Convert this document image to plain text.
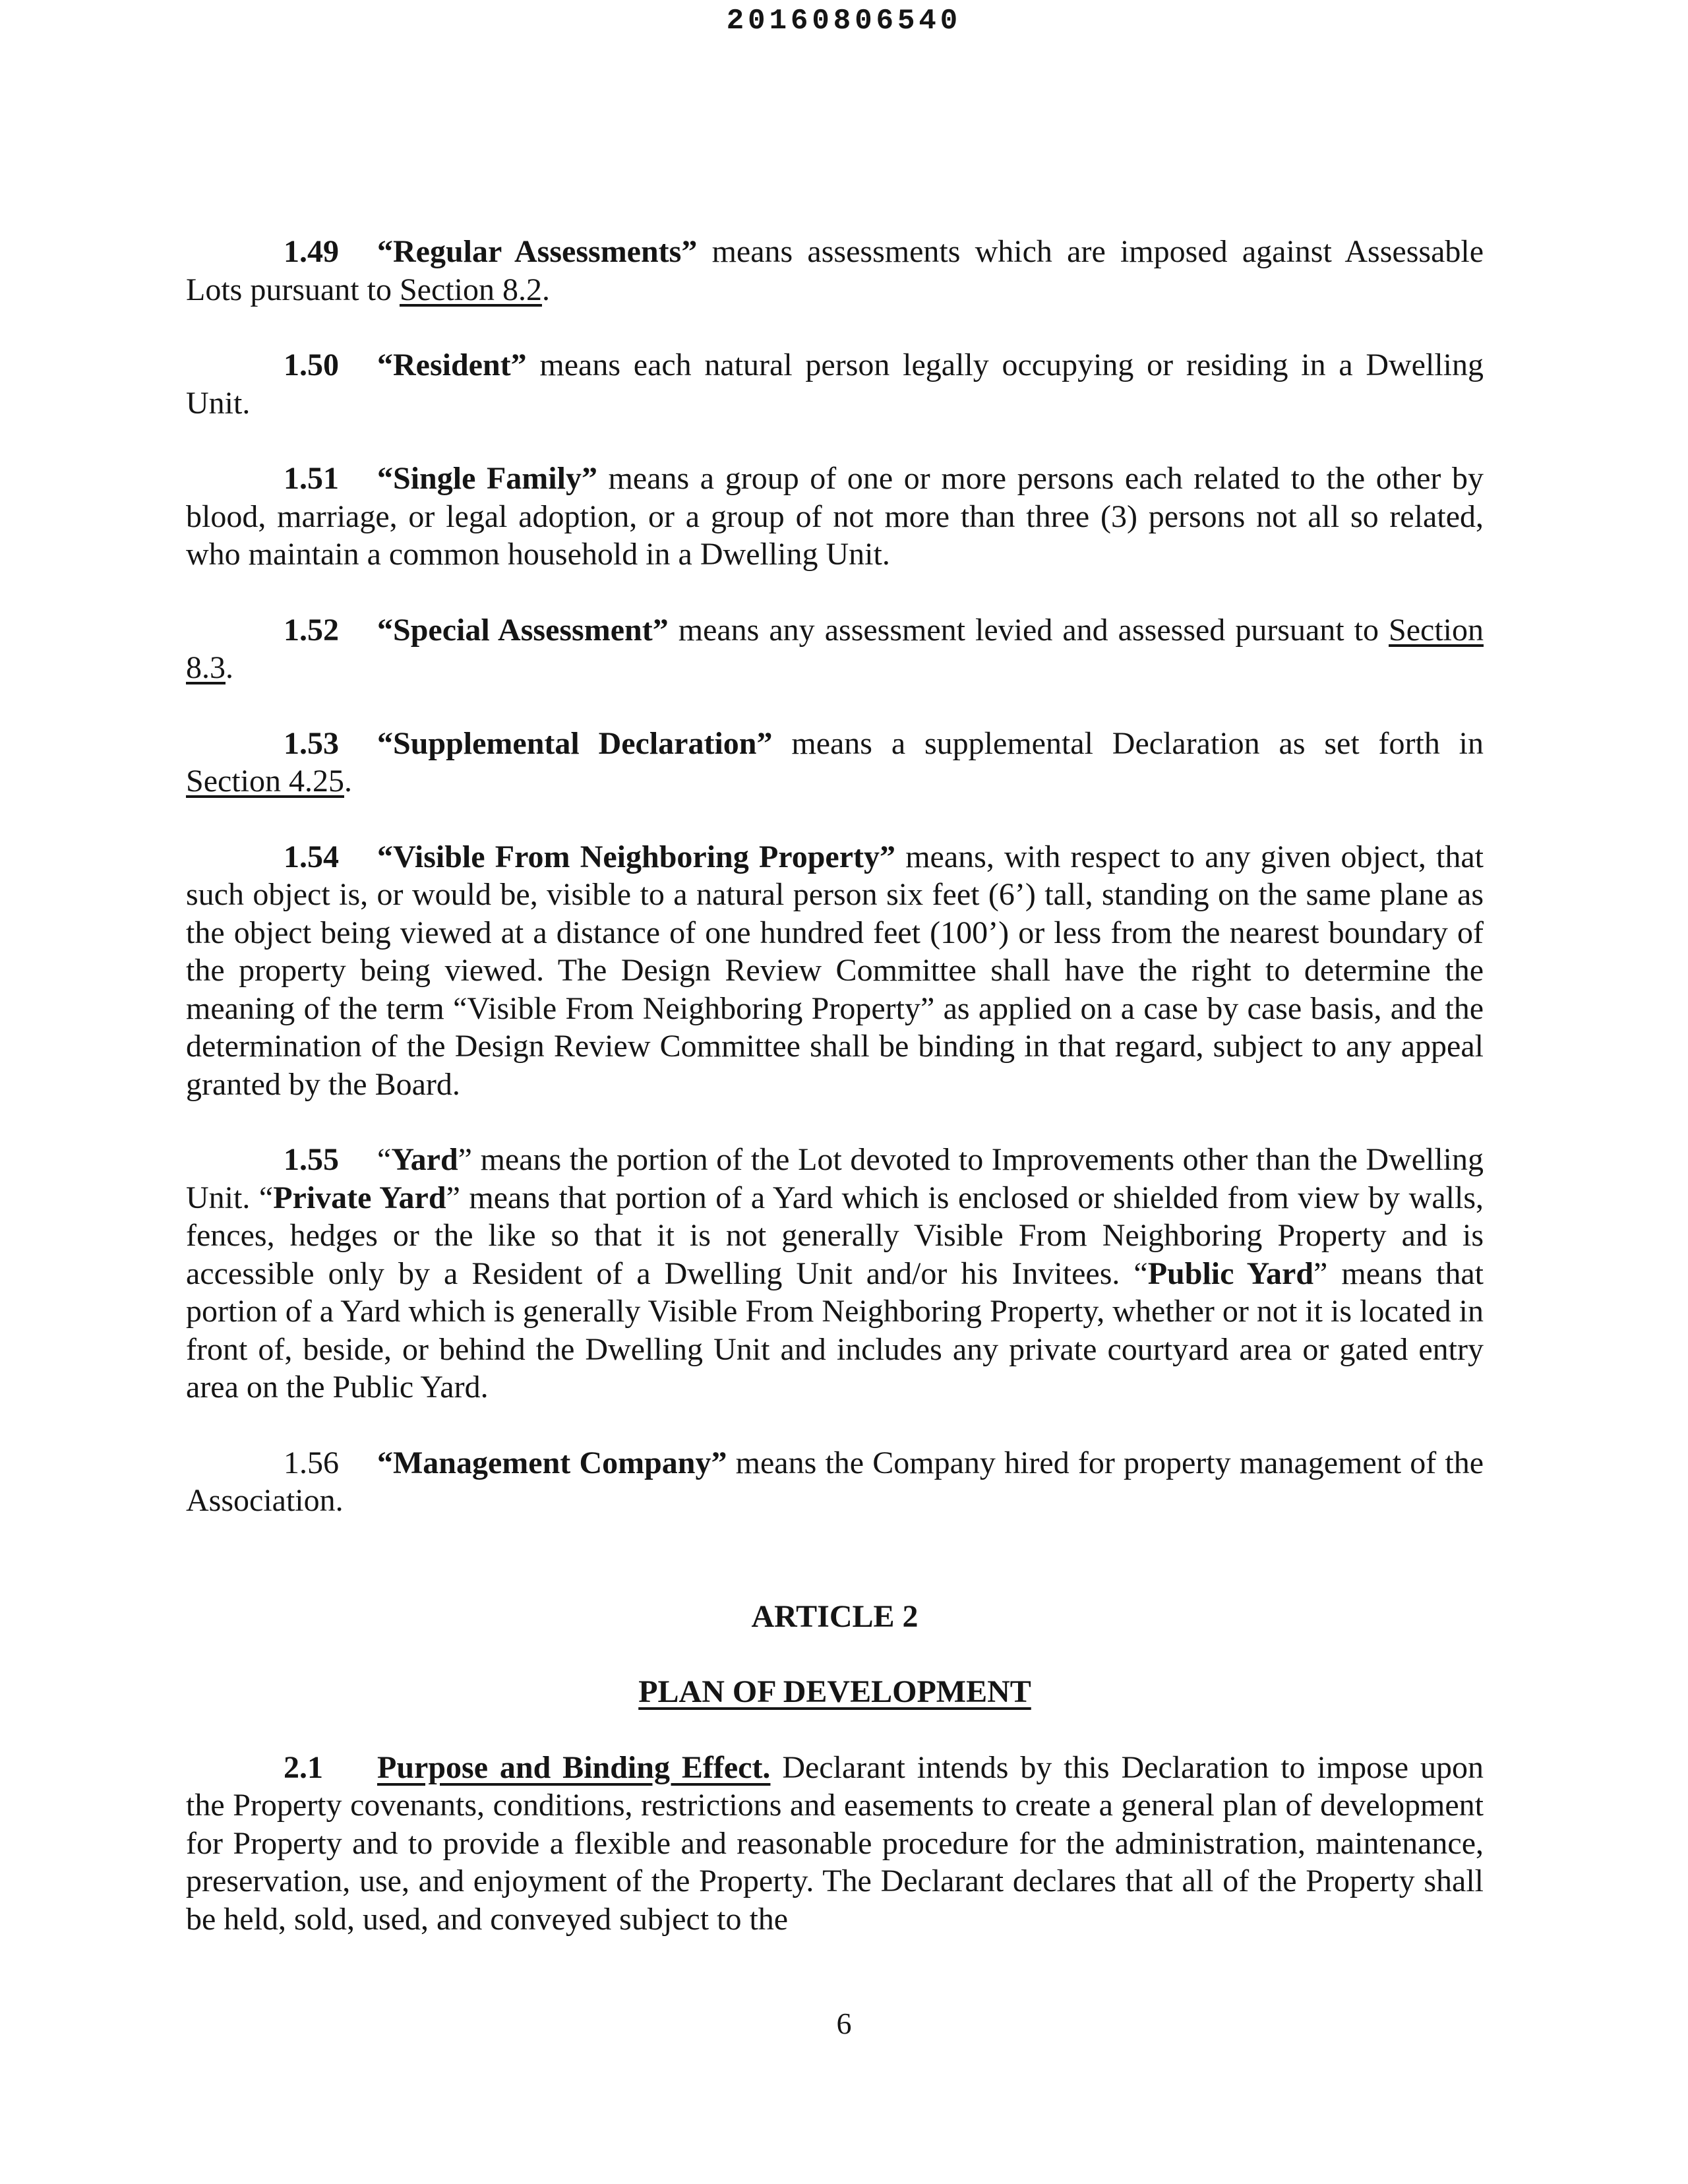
20160806540

1.49 “Regular Assessments” means assessments which are imposed against Assessable Lots pursuant to Section 8.2.

1.50 “Resident” means each natural person legally occupying or residing in a Dwelling Unit.

1.51 “Single Family” means a group of one or more persons each related to the other by blood, marriage, or legal adoption, or a group of not more than three (3) persons not all so related, who maintain a common household in a Dwelling Unit.

1.52 “Special Assessment” means any assessment levied and assessed pursuant to Section 8.3.

1.53 “Supplemental Declaration” means a supplemental Declaration as set forth in Section 4.25.

1.54 “Visible From Neighboring Property” means, with respect to any given object, that such object is, or would be, visible to a natural person six feet (6’) tall, standing on the same plane as the object being viewed at a distance of one hundred feet (100’) or less from the nearest boundary of the property being viewed. The Design Review Committee shall have the right to determine the meaning of the term “Visible From Neighboring Property” as applied on a case by case basis, and the determination of the Design Review Committee shall be binding in that regard, subject to any appeal granted by the Board.

1.55 “Yard” means the portion of the Lot devoted to Improvements other than the Dwelling Unit. “Private Yard” means that portion of a Yard which is enclosed or shielded from view by walls, fences, hedges or the like so that it is not generally Visible From Neighboring Property and is accessible only by a Resident of a Dwelling Unit and/or his Invitees. “Public Yard” means that portion of a Yard which is generally Visible From Neighboring Property, whether or not it is located in front of, beside, or behind the Dwelling Unit and includes any private courtyard area or gated entry area on the Public Yard.

1.56 “Management Company” means the Company hired for property management of the Association.

ARTICLE 2

PLAN OF DEVELOPMENT

2.1 Purpose and Binding Effect. Declarant intends by this Declaration to impose upon the Property covenants, conditions, restrictions and easements to create a general plan of development for Property and to provide a flexible and reasonable procedure for the administration, maintenance, preservation, use, and enjoyment of the Property. The Declarant declares that all of the Property shall be held, sold, used, and conveyed subject to the

6
